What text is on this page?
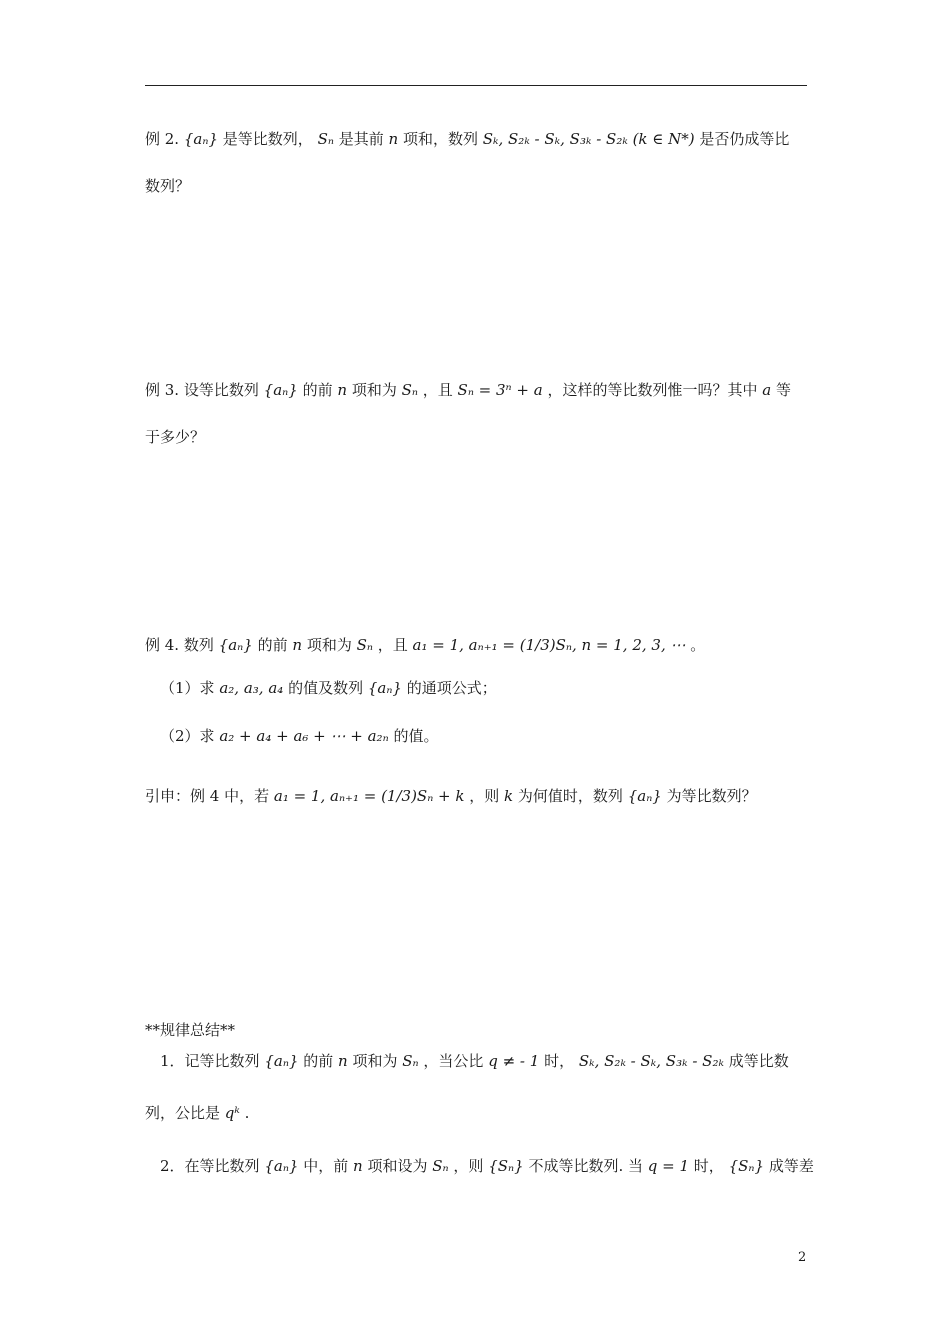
例 2. {aₙ} 是等比数列， Sₙ 是其前 n 项和，数列 Sₖ, S₂ₖ - Sₖ, S₃ₖ - S₂ₖ (k ∈ N*) 是否仍成等比
数列？
例 3. 设等比数列 {aₙ} 的前 n 项和为 Sₙ ，且 Sₙ = 3ⁿ + a ，这样的等比数列惟一吗？其中 a 等
于多少？
例 4. 数列 {aₙ} 的前 n 项和为 Sₙ ，且 a₁ = 1, aₙ₊₁ = (1/3)Sₙ, n = 1, 2, 3, ⋯ 。
（1）求 a₂, a₃, a₄ 的值及数列 {aₙ} 的通项公式；
（2）求 a₂ + a₄ + a₆ + ⋯ + a₂ₙ 的值。
引申：例 4 中，若 a₁ = 1, aₙ₊₁ = (1/3)Sₙ + k ，则 k 为何值时，数列 {aₙ} 为等比数列？
**规律总结**
1．记等比数列 {aₙ} 的前 n 项和为 Sₙ ，当公比 q ≠ - 1 时， Sₖ, S₂ₖ - Sₖ, S₃ₖ - S₂ₖ 成等比数
列，公比是 qᵏ .
2．在等比数列 {aₙ} 中，前 n 项和设为 Sₙ ，则 {Sₙ} 不成等比数列. 当 q = 1 时， {Sₙ} 成等差
2
